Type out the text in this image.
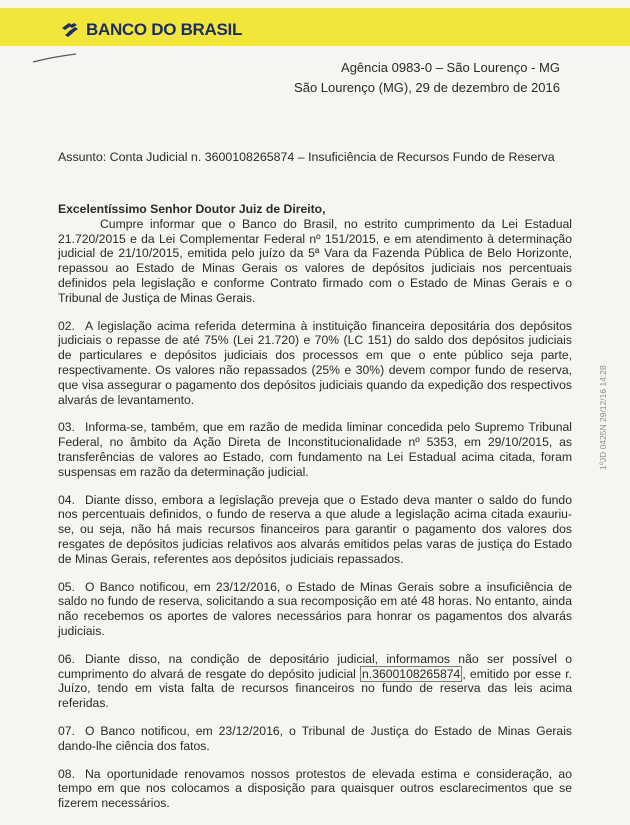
BANCO DO BRASIL
Agência 0983-0 – São Lourenço - MG
São Lourenço (MG), 29 de dezembro de 2016
Assunto: Conta Judicial n. 3600108265874 – Insuficiência de Recursos Fundo de Reserva
Excelentíssimo Senhor Doutor Juiz de Direito,

Cumpre informar que o Banco do Brasil, no estrito cumprimento da Lei Estadual 21.720/2015 e da Lei Complementar Federal nº 151/2015, e em atendimento à determinação judicial de 21/10/2015, emitida pelo juízo da 5ª Vara da Fazenda Pública de Belo Horizonte, repassou ao Estado de Minas Gerais os valores de depósitos judiciais nos percentuais definidos pela legislação e conforme Contrato firmado com o Estado de Minas Gerais e o Tribunal de Justiça de Minas Gerais.

02. A legislação acima referida determina à instituição financeira depositária dos depósitos judiciais o repasse de até 75% (Lei 21.720) e 70% (LC 151) do saldo dos depósitos judiciais de particulares e depósitos judiciais dos processos em que o ente público seja parte, respectivamente. Os valores não repassados (25% e 30%) devem compor fundo de reserva, que visa assegurar o pagamento dos depósitos judiciais quando da expedição dos respectivos alvarás de levantamento.

03. Informa-se, também, que em razão de medida liminar concedida pelo Supremo Tribunal Federal, no âmbito da Ação Direta de Inconstitucionalidade nº 5353, em 29/10/2015, as transferências de valores ao Estado, com fundamento na Lei Estadual acima citada, foram suspensas em razão da determinação judicial.

04. Diante disso, embora a legislação preveja que o Estado deva manter o saldo do fundo nos percentuais definidos, o fundo de reserva a que alude a legislação acima citada exauriu-se, ou seja, não há mais recursos financeiros para garantir o pagamento dos valores dos resgates de depósitos judicias relativos aos alvarás emitidos pelas varas de justiça do Estado de Minas Gerais, referentes aos depósitos judiciais repassados.

05. O Banco notificou, em 23/12/2016, o Estado de Minas Gerais sobre a insuficiência de saldo no fundo de reserva, solicitando a sua recomposição em até 48 horas. No entanto, ainda não recebemos os aportes de valores necessários para honrar os pagamentos dos alvarás judiciais.

06. Diante disso, na condição de depositário judicial, informamos não ser possível o cumprimento do alvará de resgate do depósito judicial n.3600108265874 , emitido por esse r. Juízo, tendo em vista falta de recursos financeiros no fundo de reserva das leis acima referidas.

07. O Banco notificou, em 23/12/2016, o Tribunal de Justiça do Estado de Minas Gerais dando-lhe ciência dos fatos.

08. Na oportunidade renovamos nossos protestos de elevada estima e consideração, ao tempo em que nos colocamos a disposição para quaisquer outros esclarecimentos que se fizerem necessários.

1ºJD 0425N 29/12/16 14:28
